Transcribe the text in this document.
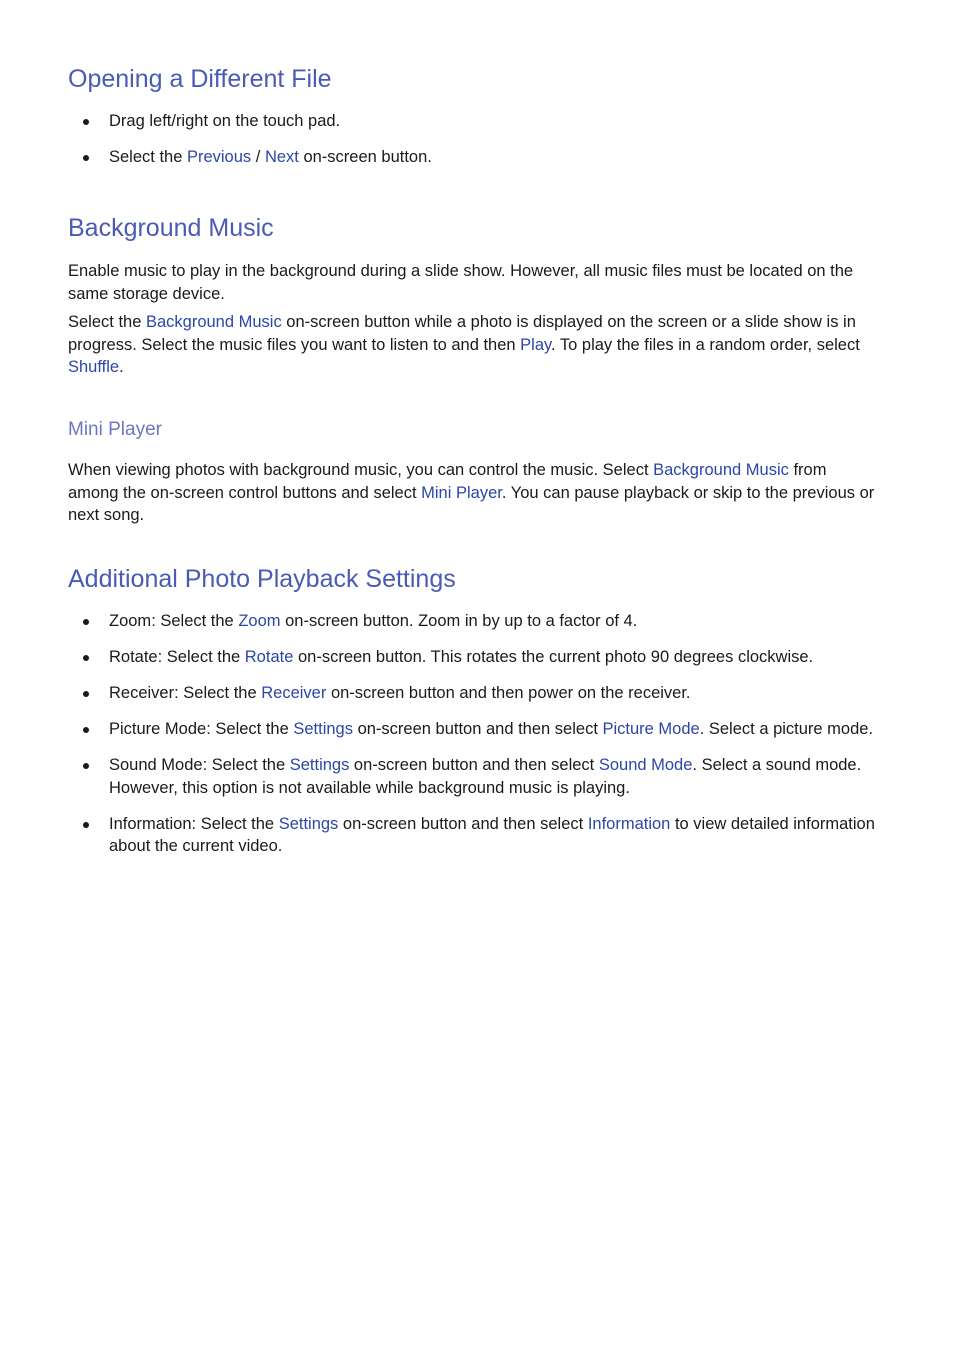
Opening a Different File
Drag left/right on the touch pad.
Select the Previous / Next on-screen button.
Background Music

Enable music to play in the background during a slide show. However, all music files must be located on the same storage device.

Select the Background Music on-screen button while a photo is displayed on the screen or a slide show is in progress. Select the music files you want to listen to and then Play. To play the files in a random order, select Shuffle.

Mini Player

When viewing photos with background music, you can control the music. Select Background Music from among the on-screen control buttons and select Mini Player. You can pause playback or skip to the previous or next song.

Additional Photo Playback Settings
Zoom: Select the Zoom on-screen button. Zoom in by up to a factor of 4.
Rotate: Select the Rotate on-screen button. This rotates the current photo 90 degrees clockwise.
Receiver: Select the Receiver on-screen button and then power on the receiver.
Picture Mode: Select the Settings on-screen button and then select Picture Mode. Select a picture mode.
Sound Mode: Select the Settings on-screen button and then select Sound Mode. Select a sound mode. However, this option is not available while background music is playing.
Information: Select the Settings on-screen button and then select Information to view detailed information about the current video.
